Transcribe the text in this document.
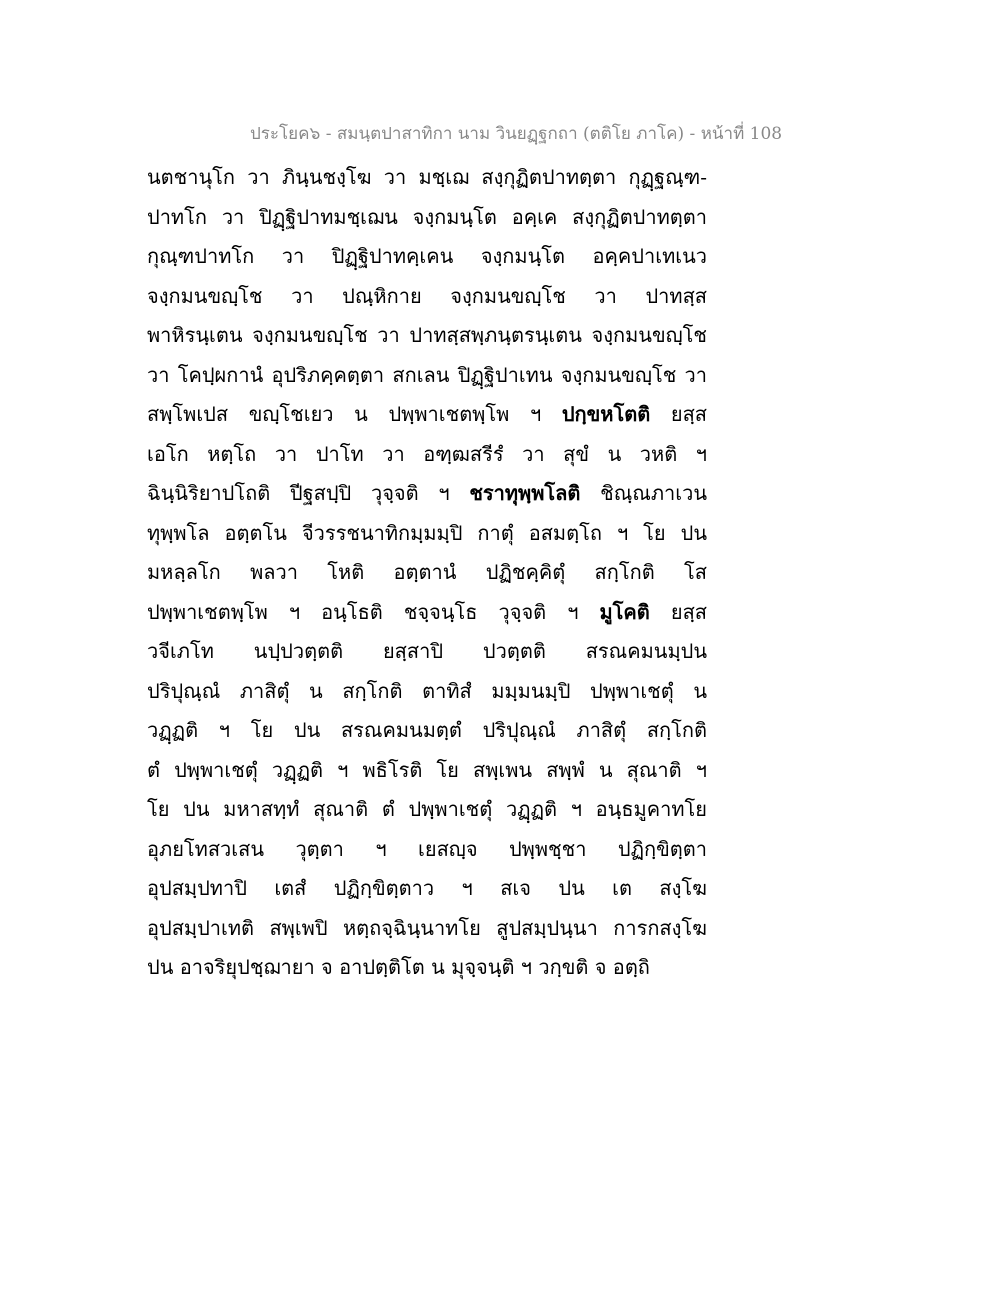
ประโยค๖ - สมนฺตปาสาทิกา นาม วินยฏฺฐกถา (ตติโย ภาโค) - หน้าที่ 108
นตชานุโก วา ภินฺนชงฺโฆ วา มชฺเฌ สงฺกุฏิตปาทตฺตา กุฏฺฐณฺฑ-
ปาทโก วา ปิฏฺฐิปาทมชฺเฌน จงฺกมนฺโต อคฺเค สงฺกุฏิตปาทตฺตา
กุณฺฑปาทโก วา ปิฏฺฐิปาทคฺเคน จงฺกมนฺโต อคฺคปาเทเนว
จงฺกมนขญฺโช วา ปณฺหิกาย จงฺกมนขญฺโช วา ปาทสฺส
พาหิรนฺเตน จงฺกมนขญฺโช วา ปาทสฺสพฺภนฺตรนฺเตน จงฺกมนขญฺโช
วา โคปฺผกานํ อุปริภคฺคตฺตา สกเลน ปิฏฺฐิปาเทน จงฺกมนขญฺโช วา
สพฺโพเปส ขญฺโชเยว น ปพฺพาเชตพฺโพ ฯ ปกฺขหโตติ ยสฺส
เอโก หตฺโถ วา ปาโท วา อฑฺฒสรีรํ วา สุขํ น วหติ ฯ
ฉินฺนิริยาปโถติ ปีฐสปฺปิ วุจฺจติ ฯ ชราทุพฺพโลติ ชิณฺณภาเวน
ทุพฺพโล อตฺตโน จีวรรชนาทิกมฺมมฺปิ กาตุํ อสมตฺโถ ฯ โย ปน
มหลฺลโก พลวา โหติ อตฺตานํ ปฏิชคฺคิตุํ สกฺโกติ โส
ปพฺพาเชตพฺโพ ฯ อนฺโธติ ชจฺจนฺโธ วุจฺจติ ฯ มูโคติ ยสฺส
วจีเภโท นปฺปวตฺตติ ยสฺสาปิ ปวตฺตติ สรณคมนมฺปน
ปริปุณฺณํ ภาสิตุํ น สกฺโกติ ตาทิสํ มมฺมนมฺปิ ปพฺพาเชตุํ น
วฏฺฏติ ฯ โย ปน สรณคมนมตฺตํ ปริปุณฺณํ ภาสิตุํ สกฺโกติ
ตํ ปพฺพาเชตุํ วฏฺฏติ ฯ พธิโรติ โย สพฺเพน สพฺพํ น สุณาติ ฯ
โย ปน มหาสทฺทํ สุณาติ ตํ ปพฺพาเชตุํ วฏฺฏติ ฯ อนฺธมูคาทโย
อุภยโทสวเสน วุตฺตา ฯ เยสญฺจ ปพฺพชฺชา ปฏิกฺขิตฺตา
อุปสมฺปทาปิ เตสํ ปฏิกฺขิตฺตาว ฯ สเจ ปน เต สงฺโฆ
อุปสมฺปาเทติ สพฺเพปิ หตฺถจฺฉินฺนาทโย สูปสมฺปนฺนา การกสงฺโฆ
ปน อาจริยุปชฺฌายา จ อาปตฺติโต น มุจฺจนฺติ ฯ วกฺขติ จ อตฺถิ
